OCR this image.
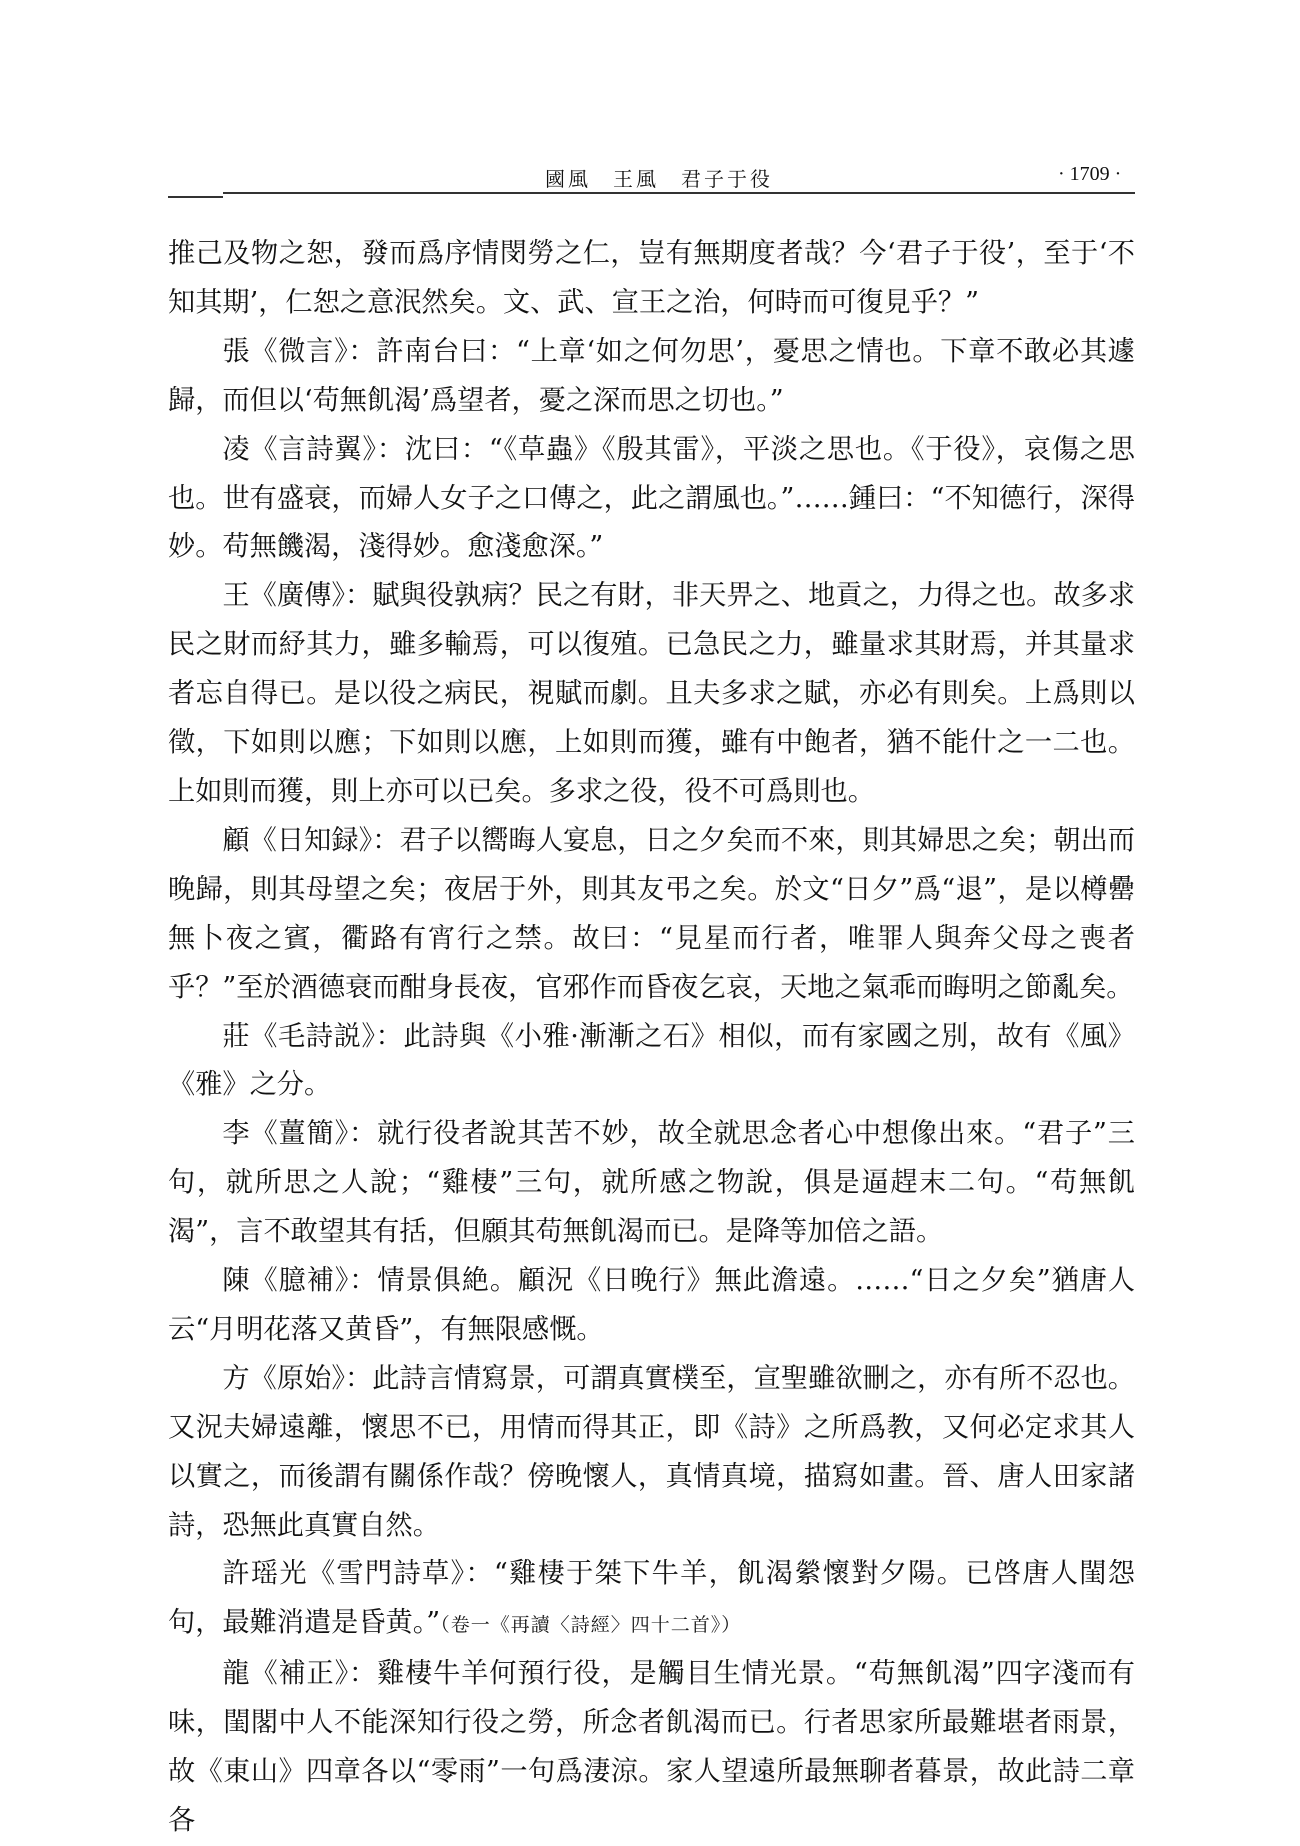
國風 王風 君子于役	· 1709 ·

推己及物之恕，發而爲序情閔勞之仁，豈有無期度者哉？今‘君子于役’，至于‘不知其期’，仁恕之意泯然矣。文、武、宣王之治，何時而可復見乎？”

張《微言》：許南台曰：“上章‘如之何勿思’，憂思之情也。下章不敢必其遽歸，而但以‘苟無飢渴’爲望者，憂之深而思之切也。”

凌《言詩翼》：沈曰：“《草蟲》《殷其雷》，平淡之思也。《于役》，哀傷之思也。世有盛衰，而婦人女子之口傳之，此之謂風也。”……鍾曰：“不知德行，深得妙。苟無饑渴，淺得妙。愈淺愈深。”

王《廣傳》：賦與役孰病？民之有財，非天畀之、地貢之，力得之也。故多求民之財而紓其力，雖多輸焉，可以復殖。已急民之力，雖量求其財焉，并其量求者忘自得已。是以役之病民，視賦而劇。且夫多求之賦，亦必有則矣。上爲則以徵，下如則以應；下如則以應，上如則而獲，雖有中飽者，猶不能什之一二也。上如則而獲，則上亦可以已矣。多求之役，役不可爲則也。

顧《日知録》：君子以嚮晦人宴息，日之夕矣而不來，則其婦思之矣；朝出而晚歸，則其母望之矣；夜居于外，則其友弔之矣。於文“日夕”爲“退”，是以樽罍無卜夜之賓，衢路有宵行之禁。故曰：“見星而行者，唯罪人與奔父母之喪者乎？”至於酒德衰而酣身長夜，官邪作而昏夜乞哀，天地之氣乖而晦明之節亂矣。

莊《毛詩説》：此詩與《小雅·漸漸之石》相似，而有家國之別，故有《風》《雅》之分。

李《薑簡》：就行役者說其苦不妙，故全就思念者心中想像出來。“君子”三句，就所思之人說；“雞棲”三句，就所感之物說，俱是逼趕末二句。“苟無飢渴”，言不敢望其有括，但願其苟無飢渴而已。是降等加倍之語。

陳《臆補》：情景俱絶。顧況《日晚行》無此澹遠。……“日之夕矣”猶唐人云“月明花落又黄昏”，有無限感慨。

方《原始》：此詩言情寫景，可謂真實樸至，宣聖雖欲刪之，亦有所不忍也。又況夫婦遠離，懷思不已，用情而得其正，即《詩》之所爲教，又何必定求其人以實之，而後謂有關係作哉？傍晚懷人，真情真境，描寫如畫。晉、唐人田家諸詩，恐無此真實自然。

許瑶光《雪門詩草》：“雞棲于桀下牛羊，飢渴縈懷對夕陽。已啓唐人閨怨句，最難消遣是昏黄。”（卷一《再讀〈詩經〉四十二首》）

龍《補正》：雞棲牛羊何預行役，是觸目生情光景。“苟無飢渴”四字淺而有味，閨閣中人不能深知行役之勞，所念者飢渴而已。行者思家所最難堪者雨景，故《東山》四章各以“零雨”一句爲淒涼。家人望遠所最無聊者暮景，故此詩二章各
